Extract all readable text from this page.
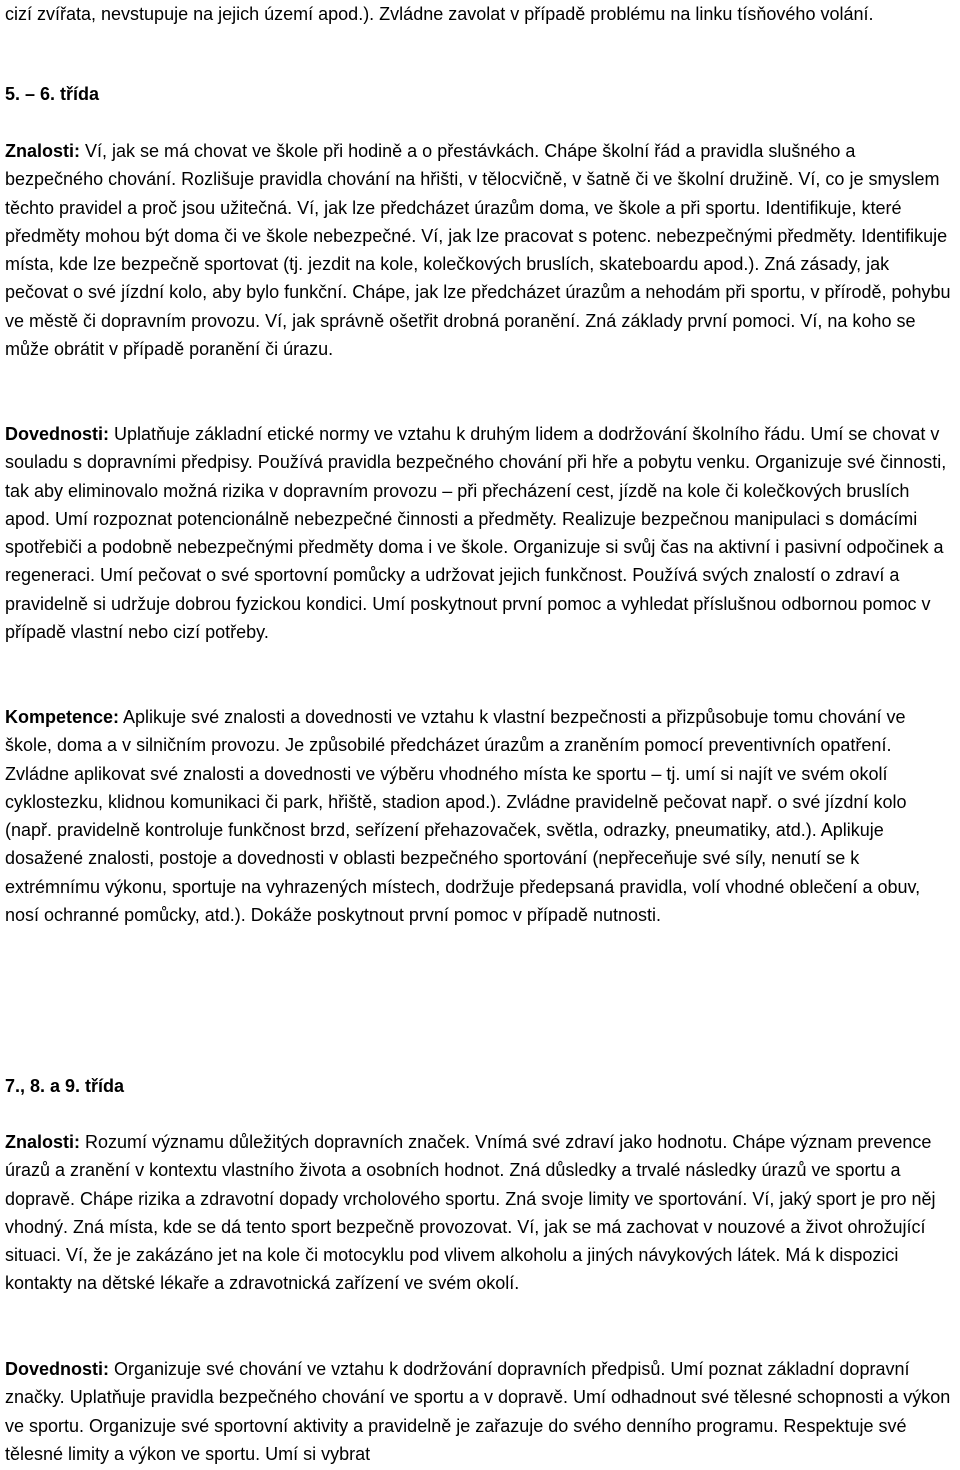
cizí zvířata, nevstupuje na jejich území apod.). Zvládne zavolat v případě problému na linku tísňového volání.

5. – 6. třída

Znalosti: Ví, jak se má chovat ve škole při hodině a o přestávkách. Chápe školní řád a pravidla slušného a bezpečného chování. Rozlišuje pravidla chování na hřišti, v tělocvičně, v šatně či ve školní družině. Ví, co je smyslem těchto pravidel a proč jsou užitečná. Ví, jak lze předcházet úrazům doma, ve škole a při sportu. Identifikuje, které předměty mohou být doma či ve škole nebezpečné. Ví, jak lze pracovat s potenc. nebezpečnými předměty. Identifikuje místa, kde lze bezpečně sportovat (tj. jezdit na kole, kolečkových bruslích, skateboardu apod.). Zná zásady, jak pečovat o své jízdní kolo, aby bylo funkční. Chápe, jak lze předcházet úrazům a nehodám při sportu, v přírodě, pohybu ve městě či dopravním provozu. Ví, jak správně ošetřit drobná poranění. Zná základy první pomoci. Ví, na koho se může obrátit v případě poranění či úrazu.

Dovednosti: Uplatňuje základní etické normy ve vztahu k druhým lidem a dodržování školního řádu. Umí se chovat v souladu s dopravními předpisy. Používá pravidla bezpečného chování při hře a pobytu venku. Organizuje své činnosti, tak aby eliminovalo možná rizika v dopravním provozu – při přecházení cest, jízdě na kole či kolečkových bruslích apod. Umí rozpoznat potencionálně nebezpečné činnosti a předměty. Realizuje bezpečnou manipulaci s domácími spotřebiči a podobně nebezpečnými předměty doma i ve škole. Organizuje si svůj čas na aktivní i pasivní odpočinek a regeneraci. Umí pečovat o své sportovní pomůcky a udržovat jejich funkčnost. Používá svých znalostí o zdraví a pravidelně si udržuje dobrou fyzickou kondici. Umí poskytnout první pomoc a vyhledat příslušnou odbornou pomoc v případě vlastní nebo cizí potřeby.

Kompetence: Aplikuje své znalosti a dovednosti ve vztahu k vlastní bezpečnosti a přizpůsobuje tomu chování ve škole, doma a v silničním provozu. Je způsobilé předcházet úrazům a zraněním pomocí preventivních opatření. Zvládne aplikovat své znalosti a dovednosti ve výběru vhodného místa ke sportu – tj. umí si najít ve svém okolí cyklostezku, klidnou komunikaci či park, hřiště, stadion apod.). Zvládne pravidelně pečovat např. o své jízdní kolo (např. pravidelně kontroluje funkčnost brzd, seřízení přehazovaček, světla, odrazky, pneumatiky, atd.). Aplikuje dosažené znalosti, postoje a dovednosti v oblasti bezpečného sportování (nepřeceňuje své síly, nenutí se k extrémnímu výkonu, sportuje na vyhrazených místech, dodržuje předepsaná pravidla, volí vhodné oblečení a obuv, nosí ochranné pomůcky, atd.). Dokáže poskytnout první pomoc v případě nutnosti.

7., 8. a 9. třída

Znalosti: Rozumí významu důležitých dopravních značek. Vnímá své zdraví jako hodnotu. Chápe význam prevence úrazů a zranění v kontextu vlastního života a osobních hodnot. Zná důsledky a trvalé následky úrazů ve sportu a dopravě. Chápe rizika a zdravotní dopady vrcholového sportu. Zná svoje limity ve sportování. Ví, jaký sport je pro něj vhodný. Zná místa, kde se dá tento sport bezpečně provozovat. Ví, jak se má zachovat v nouzové a život ohrožující situaci. Ví, že je zakázáno jet na kole či motocyklu pod vlivem alkoholu a jiných návykových látek. Má k dispozici kontakty na dětské lékaře a zdravotnická zařízení ve svém okolí.

Dovednosti: Organizuje své chování ve vztahu k dodržování dopravních předpisů. Umí poznat základní dopravní značky. Uplatňuje pravidla bezpečného chování ve sportu a v dopravě. Umí odhadnout své tělesné schopnosti a výkon ve sportu. Organizuje své sportovní aktivity a pravidelně je zařazuje do svého denního programu. Respektuje své tělesné limity a výkon ve sportu. Umí si vybrat
